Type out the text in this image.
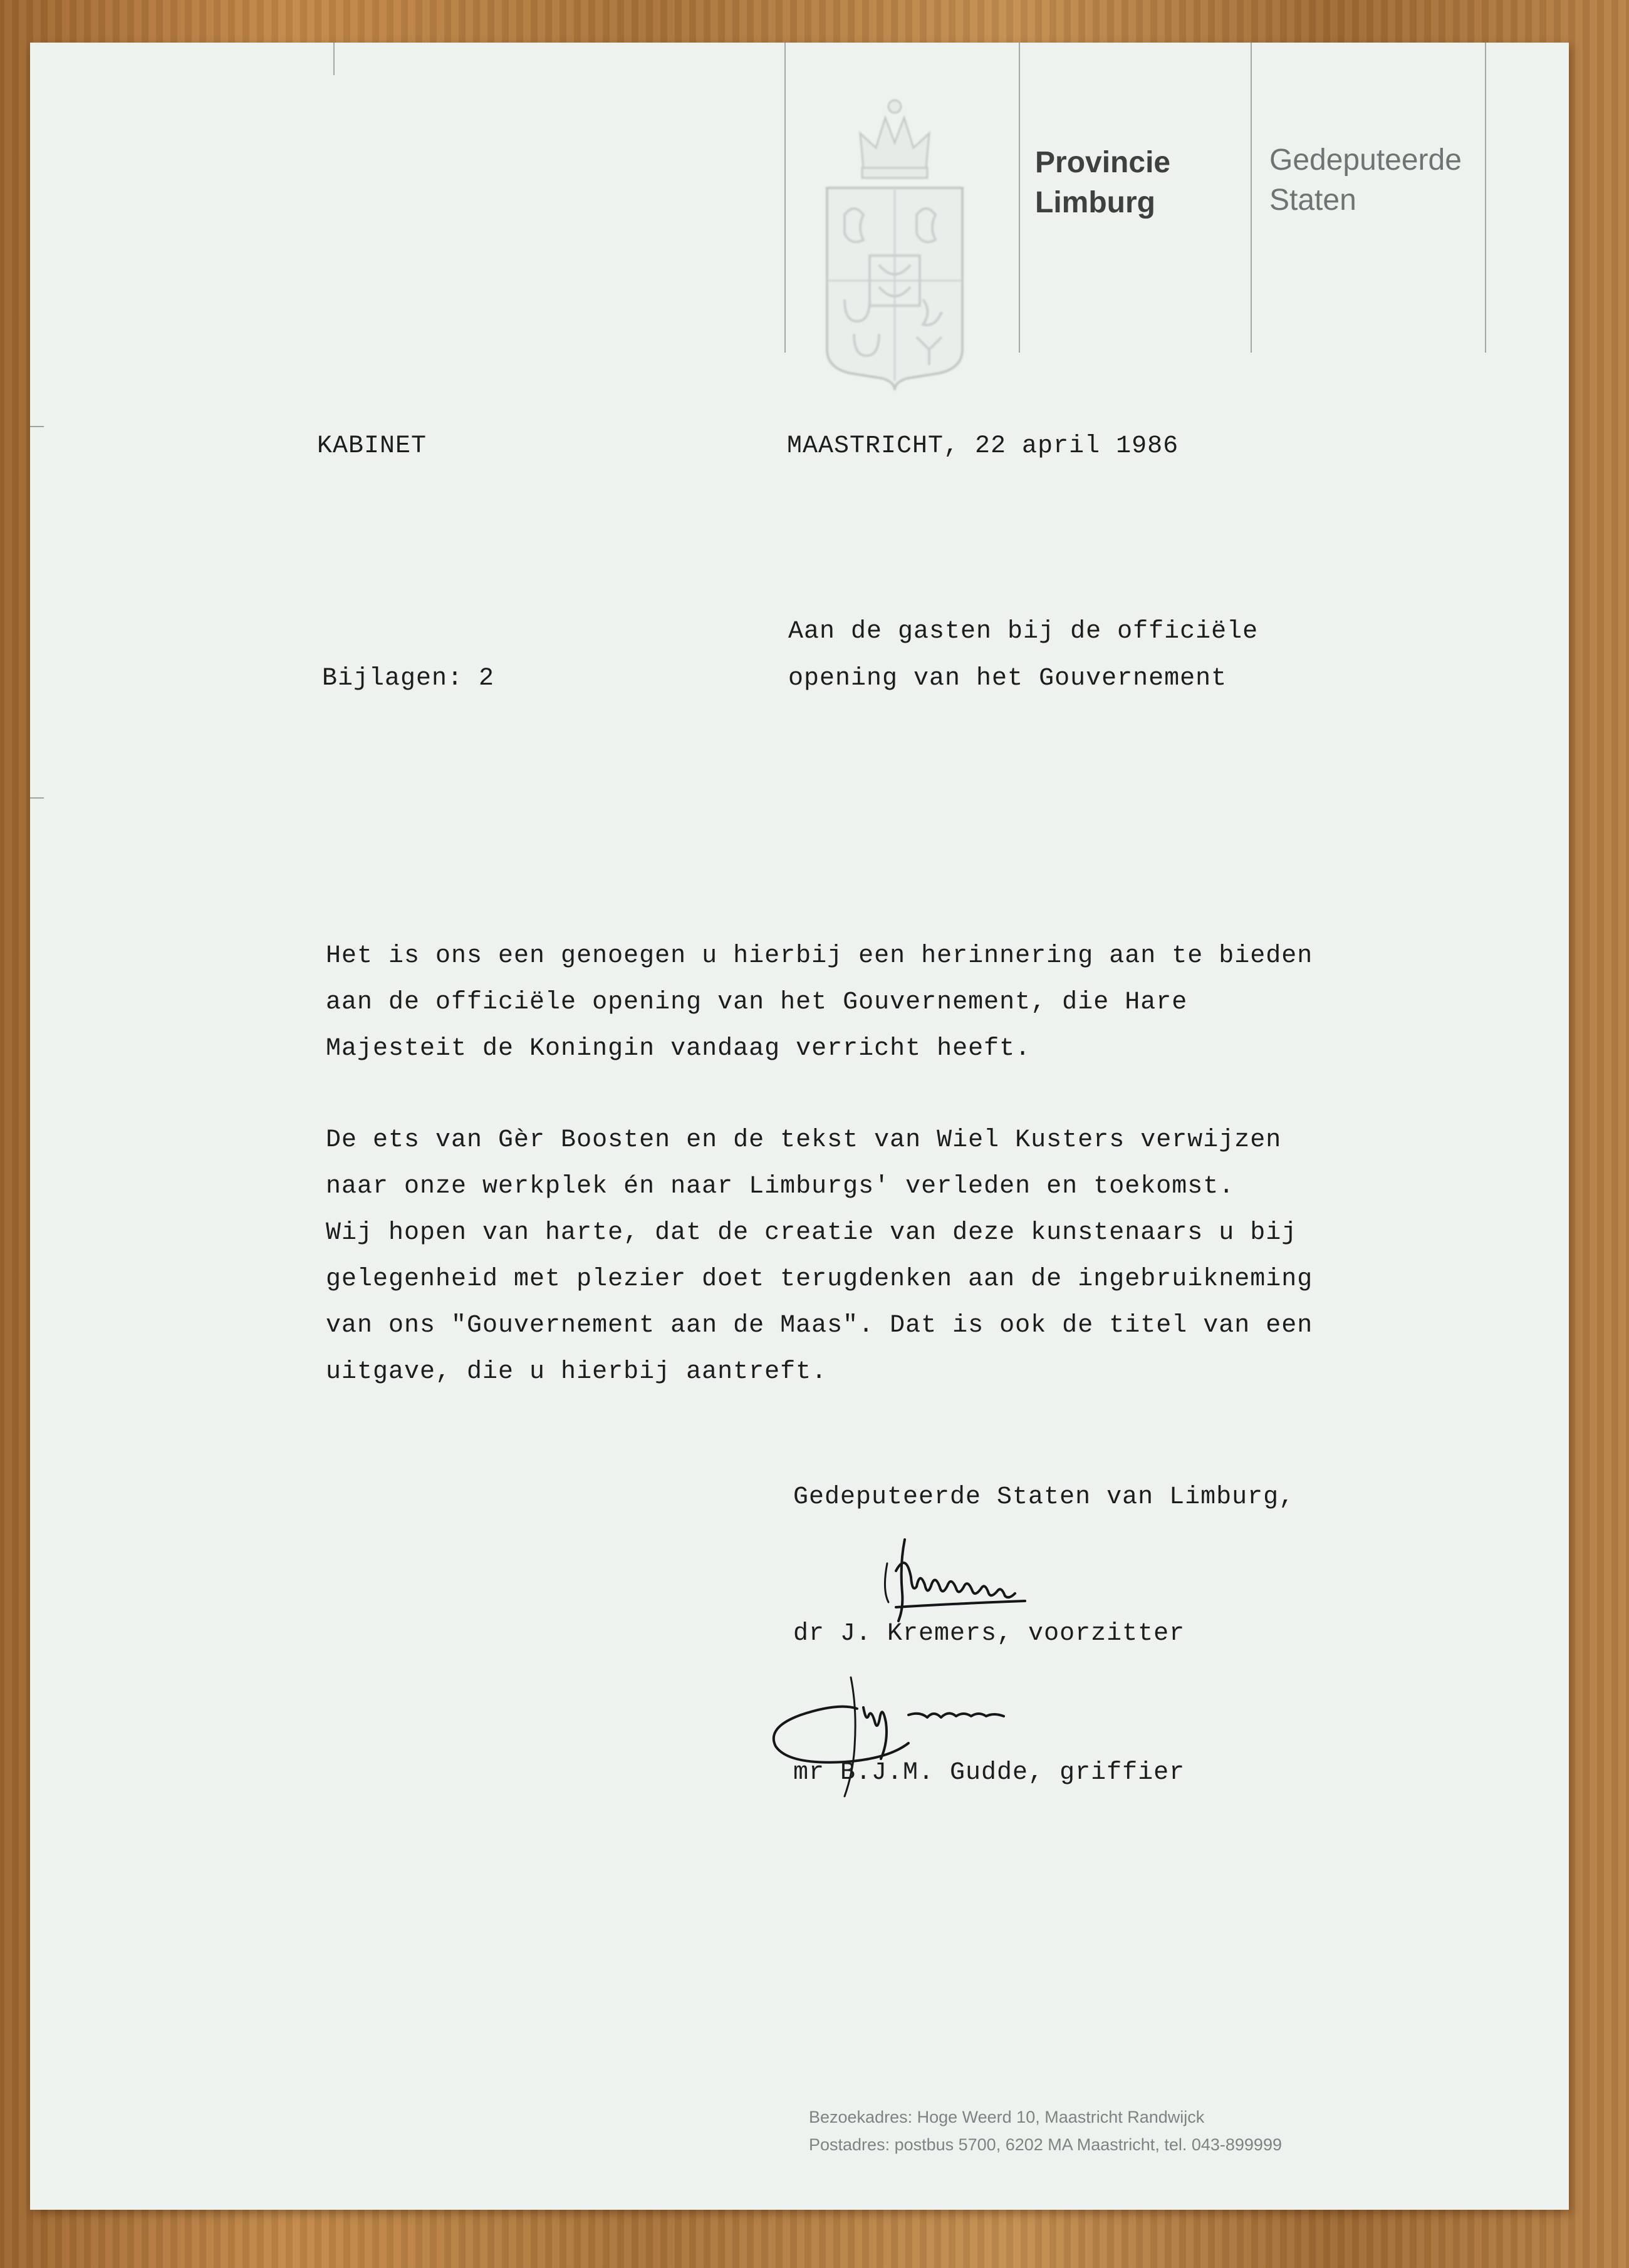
Provincie
Limburg
Gedeputeerde
Staten
KABINET	MAASTRICHT, 22 april 1986
Aan de gasten bij de officiële
Bijlagen: 2	opening van het Gouvernement
Het is ons een genoegen u hierbij een herinnering aan te bieden
aan de officiële opening van het Gouvernement, die Hare
Majesteit de Koningin vandaag verricht heeft.
De ets van Gèr Boosten en de tekst van Wiel Kusters verwijzen
naar onze werkplek én naar Limburgs' verleden en toekomst.
Wij hopen van harte, dat de creatie van deze kunstenaars u bij
gelegenheid met plezier doet terugdenken aan de ingebruikneming
van ons "Gouvernement aan de Maas". Dat is ook de titel van een
uitgave, die u hierbij aantreft.
Gedeputeerde Staten van Limburg,
dr J. Kremers, voorzitter
mr B.J.M. Gudde, griffier
Bezoekadres: Hoge Weerd 10, Maastricht Randwijck
Postadres: postbus 5700, 6202 MA Maastricht, tel. 043-899999
